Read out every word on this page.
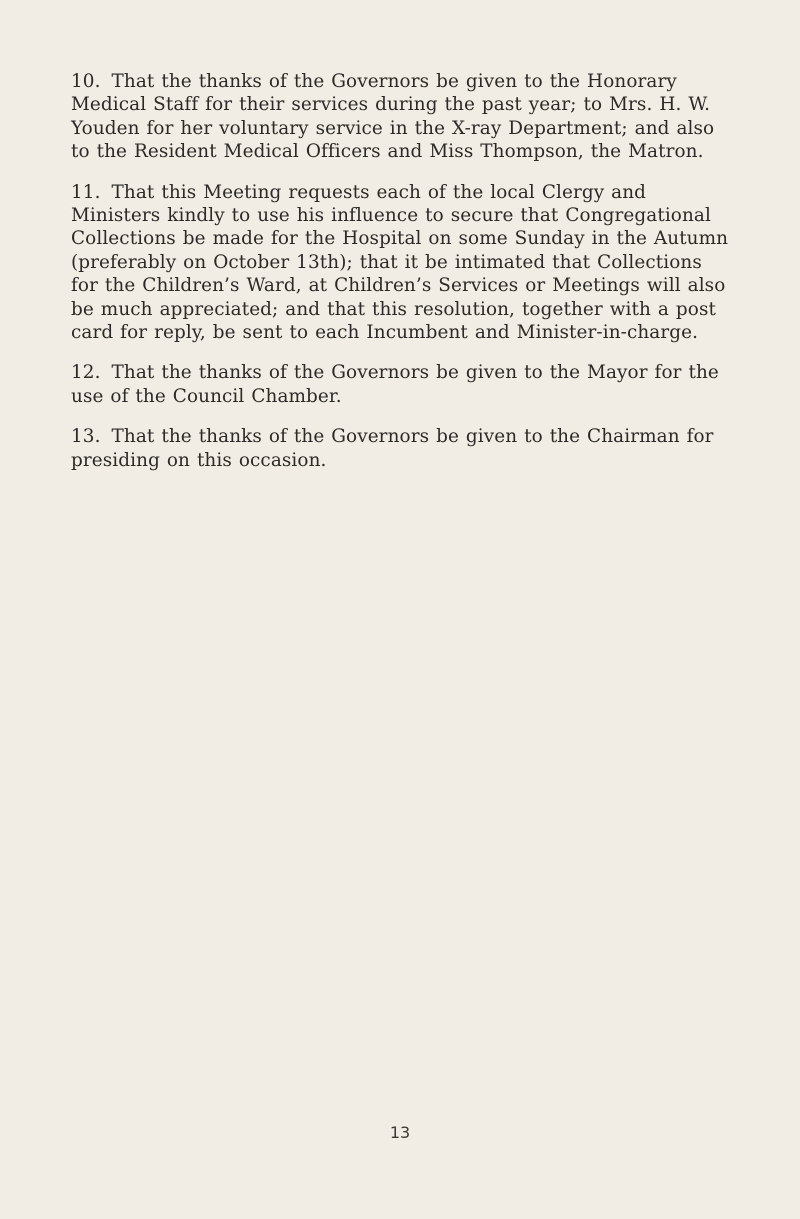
10. That the thanks of the Governors be given to the Honorary Medical Staff for their services during the past year; to Mrs. H. W. Youden for her voluntary service in the X-ray Department; and also to the Resident Medical Officers and Miss Thompson, the Matron.

11. That this Meeting requests each of the local Clergy and Ministers kindly to use his influence to secure that Congregational Collections be made for the Hospital on some Sunday in the Autumn (preferably on October 13th); that it be intimated that Collections for the Children’s Ward, at Children’s Services or Meetings will also be much appreciated; and that this resolution, together with a post card for reply, be sent to each Incumbent and Minister-in-charge.

12. That the thanks of the Governors be given to the Mayor for the use of the Council Chamber.

13. That the thanks of the Governors be given to the Chairman for presiding on this occasion.

13
